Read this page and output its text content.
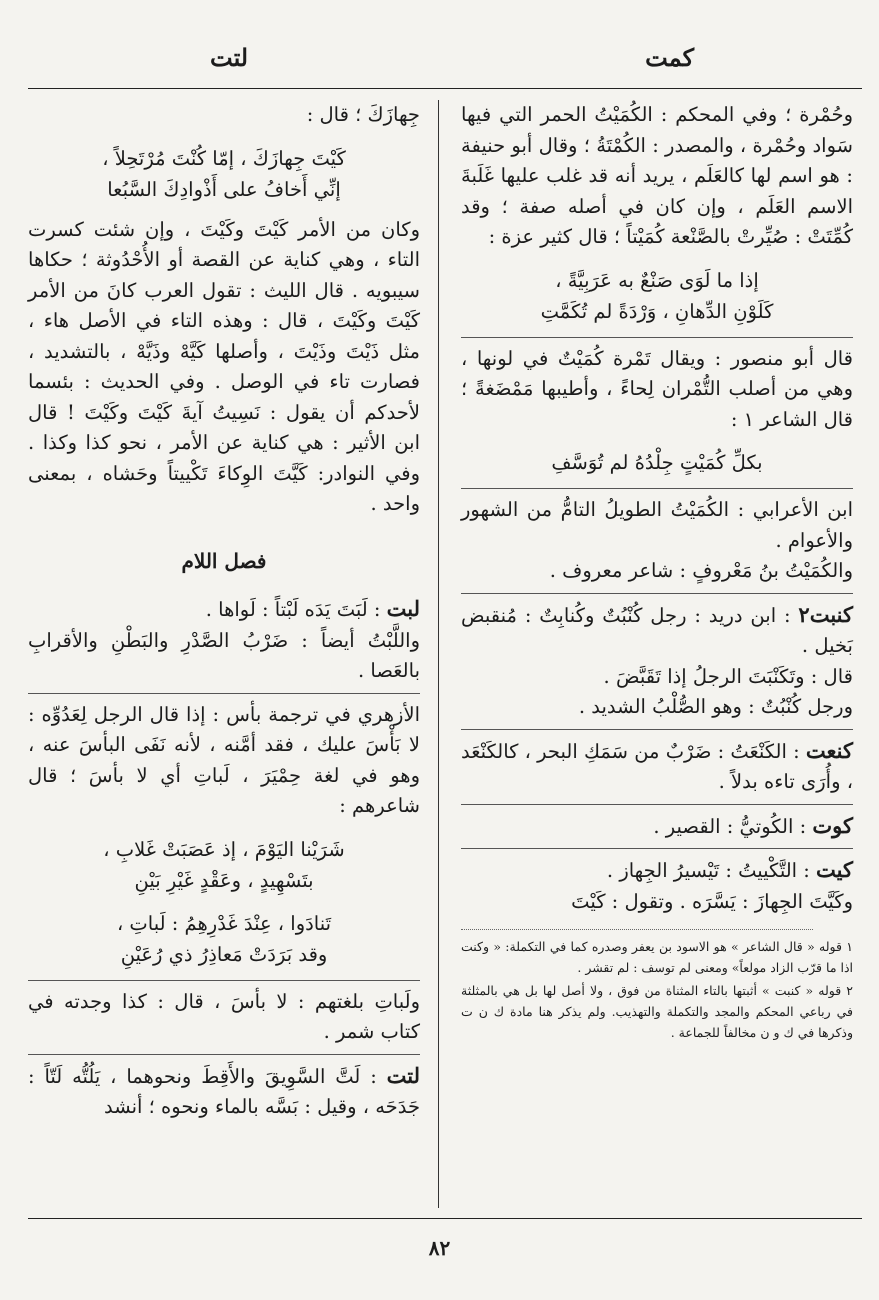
كمت
لتت

وحُمْرة ؛ وفي المحكم : الكُمَيْتُ الحمر التي فيها سَواد وحُمْرة ، والمصدر : الكُمْتَةُ ؛ وقال أبو حنيفة : هو اسم لها كالعَلَم ، يريد أنه قد غلب عليها غَلَبةَ الاسم العَلَم ، وإن كان في أصله صفة ؛ وقد كُمِّتَتْ : صُيِّرتْ بالصَّنْعة كُمَيْتاً ؛ قال كثير عزة :

إذا ما لَوَى صَنْعٌ به عَرَبِيَّةً ،
كَلَوْنِ الدِّهانِ ، وَرْدَةً لم تُكَمَّتِ

قال أبو منصور : ويقال تَمْرة كُمَيْتٌ في لونها ، وهي من أصلب التُّمْران لِحاءً ، وأطيبها مَمْضَغةً ؛ قال الشاعر ١ :

بكلِّ كُمَيْتٍ جِلْدُهُ لم تُوَسَّفِ

ابن الأعرابي : الكُمَيْتُ الطويلُ التامُّ من الشهور والأعوام .

والكُمَيْتُ بنُ مَعْروفٍ : شاعر معروف .

كنبت٢ : ابن دريد : رجل كُنْبُتٌ وكُنابِتٌ : مُنقبض بَخيل .

قال : وتَكَنْبَتَ الرجلُ إذا تَقَبَّضَ .

ورجل كُنْبُتٌ : وهو الصُّلْبُ الشديد .

كنعت : الكَنْعَتُ : ضَرْبٌ من سَمَكِ البحر ، كالكَنْعَد ، وأُرَى تاءه بدلاً .

كوت : الكُوتيُّ : القصير .

كيت : التَّكْييتُ : تَيْسيرُ الجِهاز .

وكَيَّتَ الجِهازَ : يَسَّرَه . وتقول : كَيْتَ

١ قوله « قال الشاعر » هو الاسود بن يعفر وصدره كما في التكملة: « وكنت اذا ما قرّب الزاد مولعاً» ومعنى لم توسف : لم تقشر .

٢ قوله « كنبت » أثبتها بالتاء المثناة من فوق ، ولا أصل لها بل هي بالمثلثة في رباعي المحكم والمجد والتكملة والتهذيب. ولم يذكر هنا مادة ك ن ت وذكرها في ك و ن مخالفاً للجماعة .

جِهازَكَ ؛ قال :

كَيْتَ جِهازَكَ ، إمّا كُنْتَ مُرْتَحِلاً ،
إنِّي أَخافُ على أَذْوادِكَ السَّبُعا

وكان من الأمر كَيْتَ وكَيْتَ ، وإن شئت كسرت التاء ، وهي كناية عن القصة أو الأُحْدُوثة ؛ حكاها سيبويه . قال الليث : تقول العرب كانَ من الأمر كَيْتَ وكَيْتَ ، قال : وهذه التاء في الأصل هاء ، مثل ذَيْتَ وذَيْتَ ، وأصلها كَيَّهْ وذَيَّهْ ، بالتشديد ، فصارت تاء في الوصل . وفي الحديث : بئسما لأحدكم أن يقول : نَسِيتُ آيةَ كَيْتَ وكَيْتَ ! قال ابن الأثير : هي كناية عن الأمر ، نحو كذا وكذا . وفي النوادر: كَيَّتَ الوِكاءَ تَكْييتاً وحَشاه ، بمعنى واحد .

فصل اللام

لبت : لَبَتَ يَدَه لَبْتاً : لَواها .

واللَّبْتُ أيضاً : ضَرْبُ الصَّدْرِ والبَطْنِ والأقرابِ بالعَصا .

الأزهري في ترجمة بأس : إذا قال الرجل لِعَدُوِّه : لا بَأْسَ عليك ، فقد أمَّنه ، لأنه نَفَى البأسَ عنه ، وهو في لغة حِمْيَرَ ، لَباتِ أي لا بأسَ ؛ قال شاعرهم :

شَرَيْنا اليَوْمَ ، إذ عَصَبَتْ غَلابِ ،
بتَسْهِيدٍ ، وعَقْدٍ غَيْرِ بَيْنِ
تَنادَوا ، عِنْدَ غَدْرِهِمُ : لَباتِ ،
وقد بَرَدَتْ مَعاذِرُ ذي رُعَيْنِ

ولَباتِ بلغتهم : لا بأسَ ، قال : كذا وجدته في كتاب شمر .

لتت : لَتَّ السَّوِيقَ والأَقِطَ ونحوهما ، يَلُتُّه لَتّاً : جَدَحَه ، وقيل : بَسَّه بالماء ونحوه ؛ أنشد

٨٢
